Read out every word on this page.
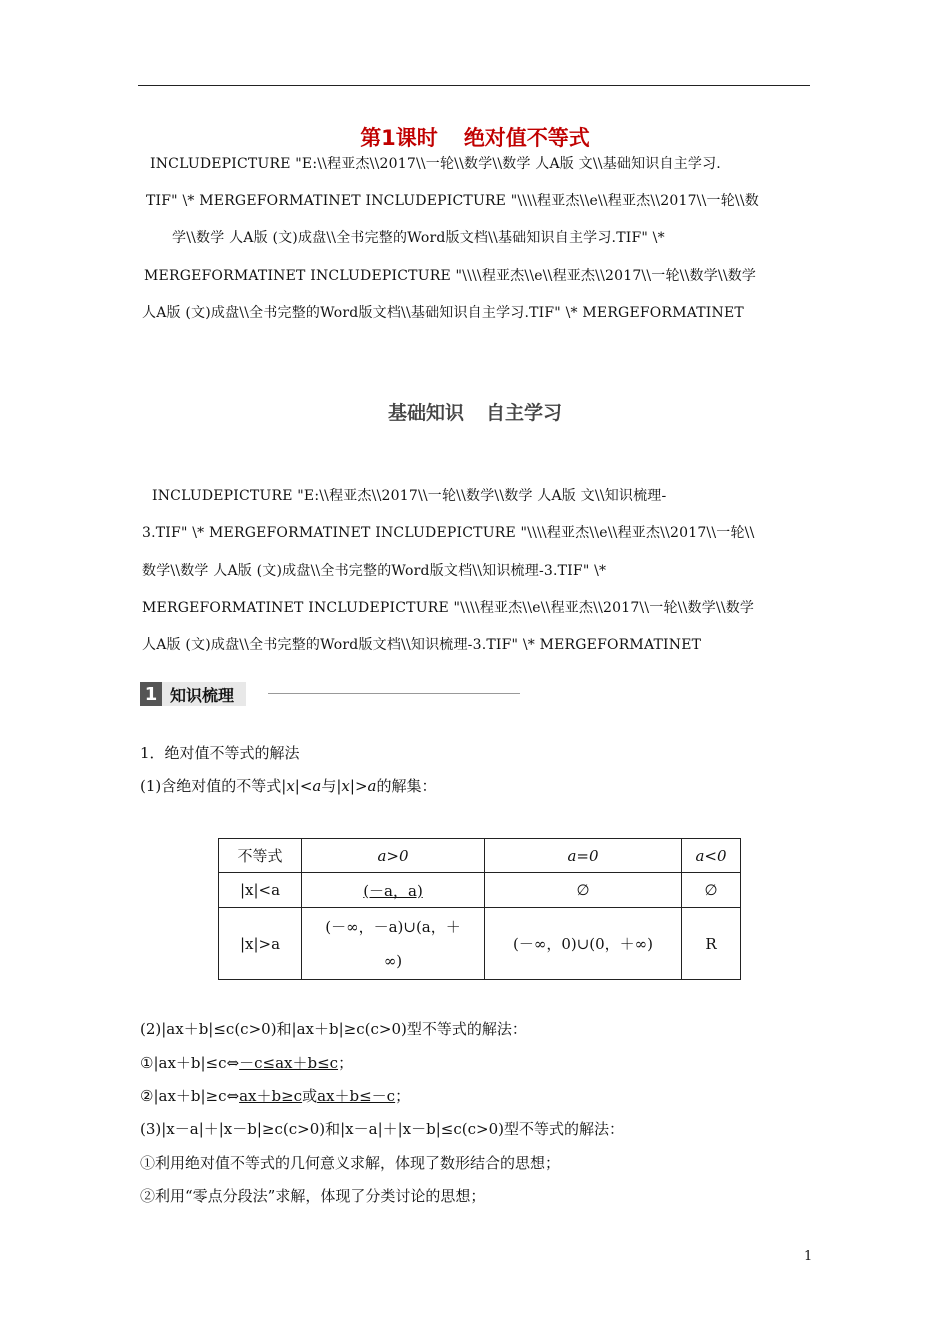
第1课时 绝对值不等式
INCLUDEPICTURE "E:\\程亚杰\\2017\\一轮\\数学\\数学 人A版 文\\基础知识自主学习.
TIF" \* MERGEFORMATINET INCLUDEPICTURE "\\\\程亚杰\\e\\程亚杰\\2017\\一轮\\数
学\\数学 人A版 (文)成盘\\全书完整的Word版文档\\基础知识自主学习.TIF" \*
MERGEFORMATINET INCLUDEPICTURE "\\\\程亚杰\\e\\程亚杰\\2017\\一轮\\数学\\数学
人A版 (文)成盘\\全书完整的Word版文档\\基础知识自主学习.TIF" \* MERGEFORMATINET
基础知识 自主学习
INCLUDEPICTURE "E:\\程亚杰\\2017\\一轮\\数学\\数学 人A版 文\\知识梳理-
3.TIF" \* MERGEFORMATINET INCLUDEPICTURE "\\\\程亚杰\\e\\程亚杰\\2017\\一轮\\
数学\\数学 人A版 (文)成盘\\全书完整的Word版文档\\知识梳理-3.TIF" \*
MERGEFORMATINET INCLUDEPICTURE "\\\\程亚杰\\e\\程亚杰\\2017\\一轮\\数学\\数学
人A版 (文)成盘\\全书完整的Word版文档\\知识梳理-3.TIF" \* MERGEFORMATINET
1 知识梳理
1．绝对值不等式的解法
(1)含绝对值的不等式|x|<a与|x|>a的解集：
不等式	a>0	a=0	a<0
|x|<a	(－a，a)	∅	∅
|x|>a	(－∞，－a)∪(a，＋
∞)	(－∞，0)∪(0，＋∞)	R
(2)|ax＋b|≤c(c>0)和|ax＋b|≥c(c>0)型不等式的解法：
①|ax＋b|≤c⇔－c≤ax＋b≤c；
②|ax＋b|≥c⇔ax＋b≥c或ax＋b≤－c；
(3)|x－a|＋|x－b|≥c(c>0)和|x－a|＋|x－b|≤c(c>0)型不等式的解法：
①利用绝对值不等式的几何意义求解，体现了数形结合的思想；
②利用“零点分段法”求解，体现了分类讨论的思想；
1
